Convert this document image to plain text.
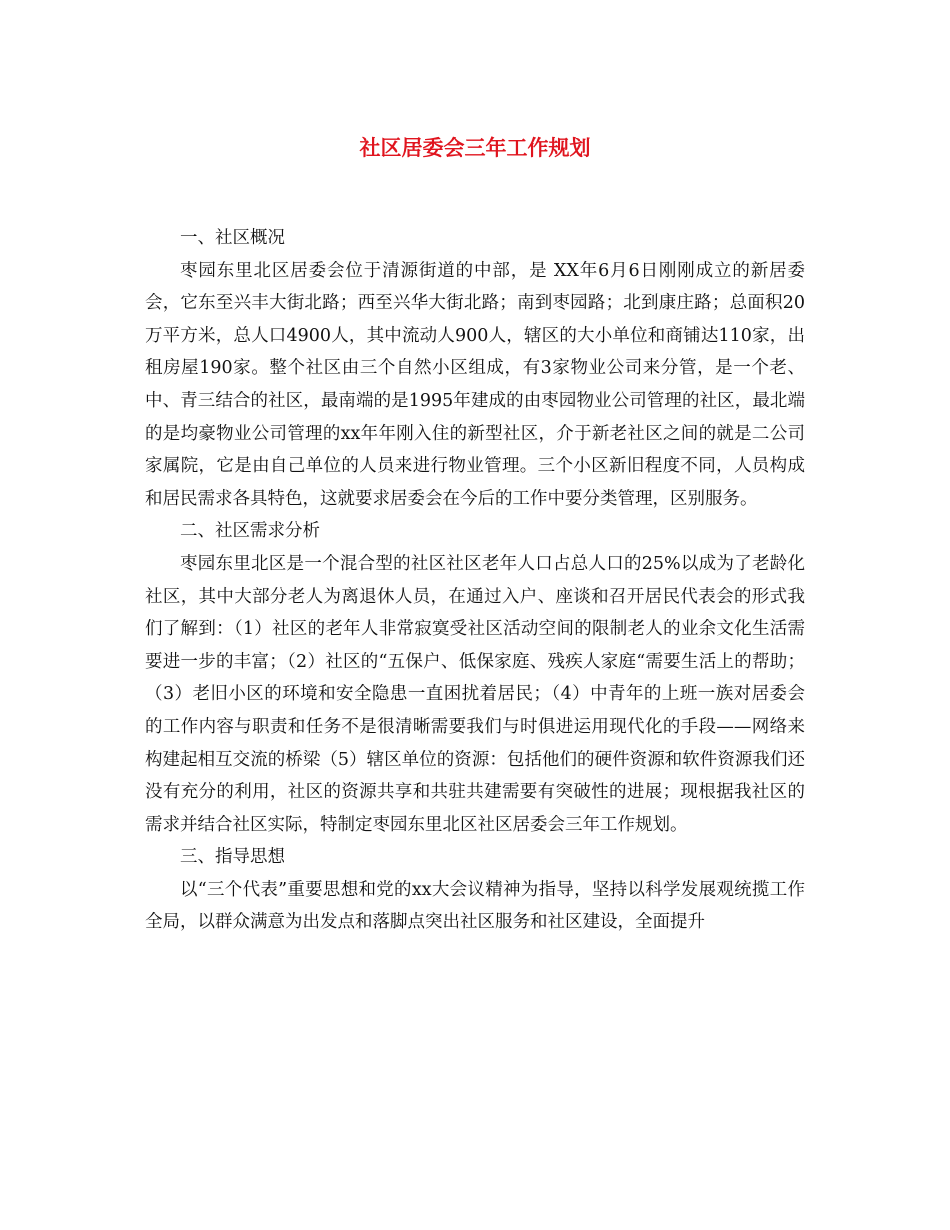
社区居委会三年工作规划

一、社区概况

枣园东里北区居委会位于清源街道的中部，是 XX年6月6日刚刚成立的新居委会，它东至兴丰大街北路；西至兴华大街北路；南到枣园路；北到康庄路；总面积20万平方米，总人口4900人，其中流动人900人，辖区的大小单位和商铺达110家，出租房屋190家。整个社区由三个自然小区组成，有3家物业公司来分管，是一个老、中、青三结合的社区，最南端的是1995年建成的由枣园物业公司管理的社区，最北端的是均豪物业公司管理的xx年年刚入住的新型社区，介于新老社区之间的就是二公司家属院，它是由自己单位的人员来进行物业管理。三个小区新旧程度不同，人员构成和居民需求各具特色，这就要求居委会在今后的工作中要分类管理，区别服务。

二、社区需求分析

枣园东里北区是一个混合型的社区社区老年人口占总人口的25%以成为了老龄化社区，其中大部分老人为离退休人员，在通过入户、座谈和召开居民代表会的形式我们了解到：（1）社区的老年人非常寂寞受社区活动空间的限制老人的业余文化生活需要进一步的丰富；（2）社区的“五保户、低保家庭、残疾人家庭“需要生活上的帮助；（3）老旧小区的环境和安全隐患一直困扰着居民；（4）中青年的上班一族对居委会的工作内容与职责和任务不是很清晰需要我们与时俱进运用现代化的手段——网络来构建起相互交流的桥梁（5）辖区单位的资源：包括他们的硬件资源和软件资源我们还没有充分的利用，社区的资源共享和共驻共建需要有突破性的进展；现根据我社区的需求并结合社区实际，特制定枣园东里北区社区居委会三年工作规划。

三、指导思想

以“三个代表”重要思想和党的xx大会议精神为指导，坚持以科学发展观统揽工作全局，以群众满意为出发点和落脚点突出社区服务和社区建设，全面提升
